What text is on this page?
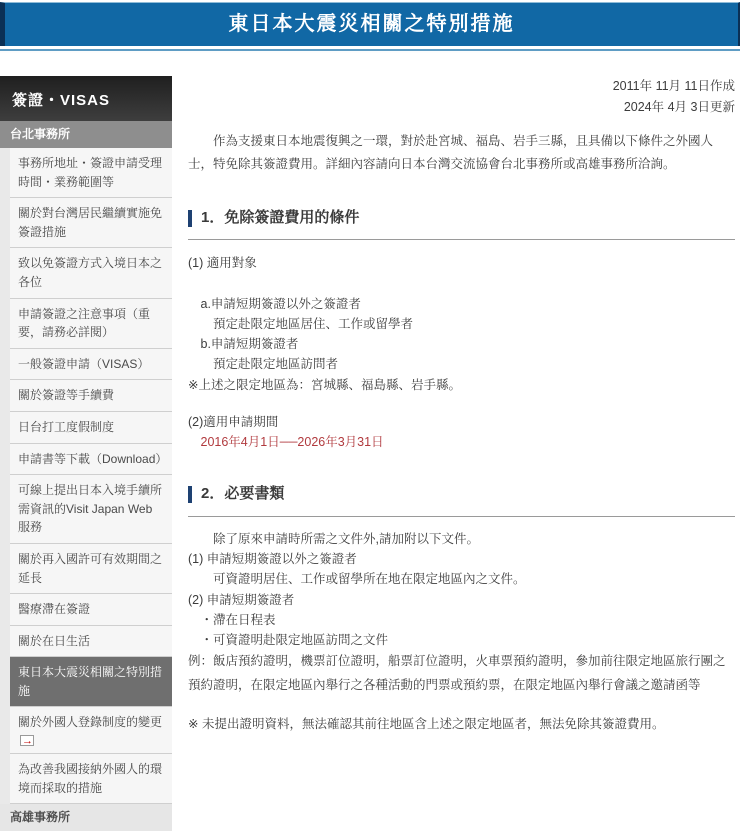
東日本大震災相關之特別措施
簽證・VISAS
台北事務所
事務所地址・簽證申請受理時間・業務範圍等
關於對台灣居民繼續實施免簽證措施
致以免簽證方式入境日本之各位
申請簽證之注意事項（重要，請務必詳閱）
一般簽證申請（VISAS）
關於簽證等手續費
日台打工度假制度
申請書等下載（Download）
可線上提出日本入境手續所需資訊的Visit Japan Web服務
關於再入國許可有效期間之延長
醫療滯在簽證
關於在日生活
東日本大震災相關之特別措施
關於外國人登錄制度的變更
→
為改善我國接納外國人的環境而採取的措施
高雄事務所
2011年 11月 11日作成
2024年 4月 3日更新

作為支援東日本地震復興之一環，對於赴宮城、福島、岩手三縣，且具備以下條件之外國人士，特免除其簽證費用。詳細內容請向日本台灣交流協會台北事務所或高雄事務所洽詢。

1．免除簽證費用的條件
(1) 適用對象
a.申請短期簽證以外之簽證者
預定赴限定地區居住、工作或留學者
b.申請短期簽證者
預定赴限定地區訪問者
※上述之限定地區為：宮城縣、福島縣、岩手縣。
(2)適用申請期間
2016年4月1日──2026年3月31日
2．必要書類
除了原來申請時所需之文件外,請加附以下文件。
(1) 申請短期簽證以外之簽證者
可資證明居住、工作或留學所在地在限定地區內之文件。
(2) 申請短期簽證者
・滯在日程表
・可資證明赴限定地區訪問之文件
例：飯店預約證明，機票訂位證明，船票訂位證明，火車票預約證明，參加前往限定地區旅行團之預約證明，在限定地區內舉行之各種活動的門票或預約票，在限定地區內舉行會議之邀請函等
※ 未提出證明資料，無法確認其前往地區含上述之限定地區者，無法免除其簽證費用。
